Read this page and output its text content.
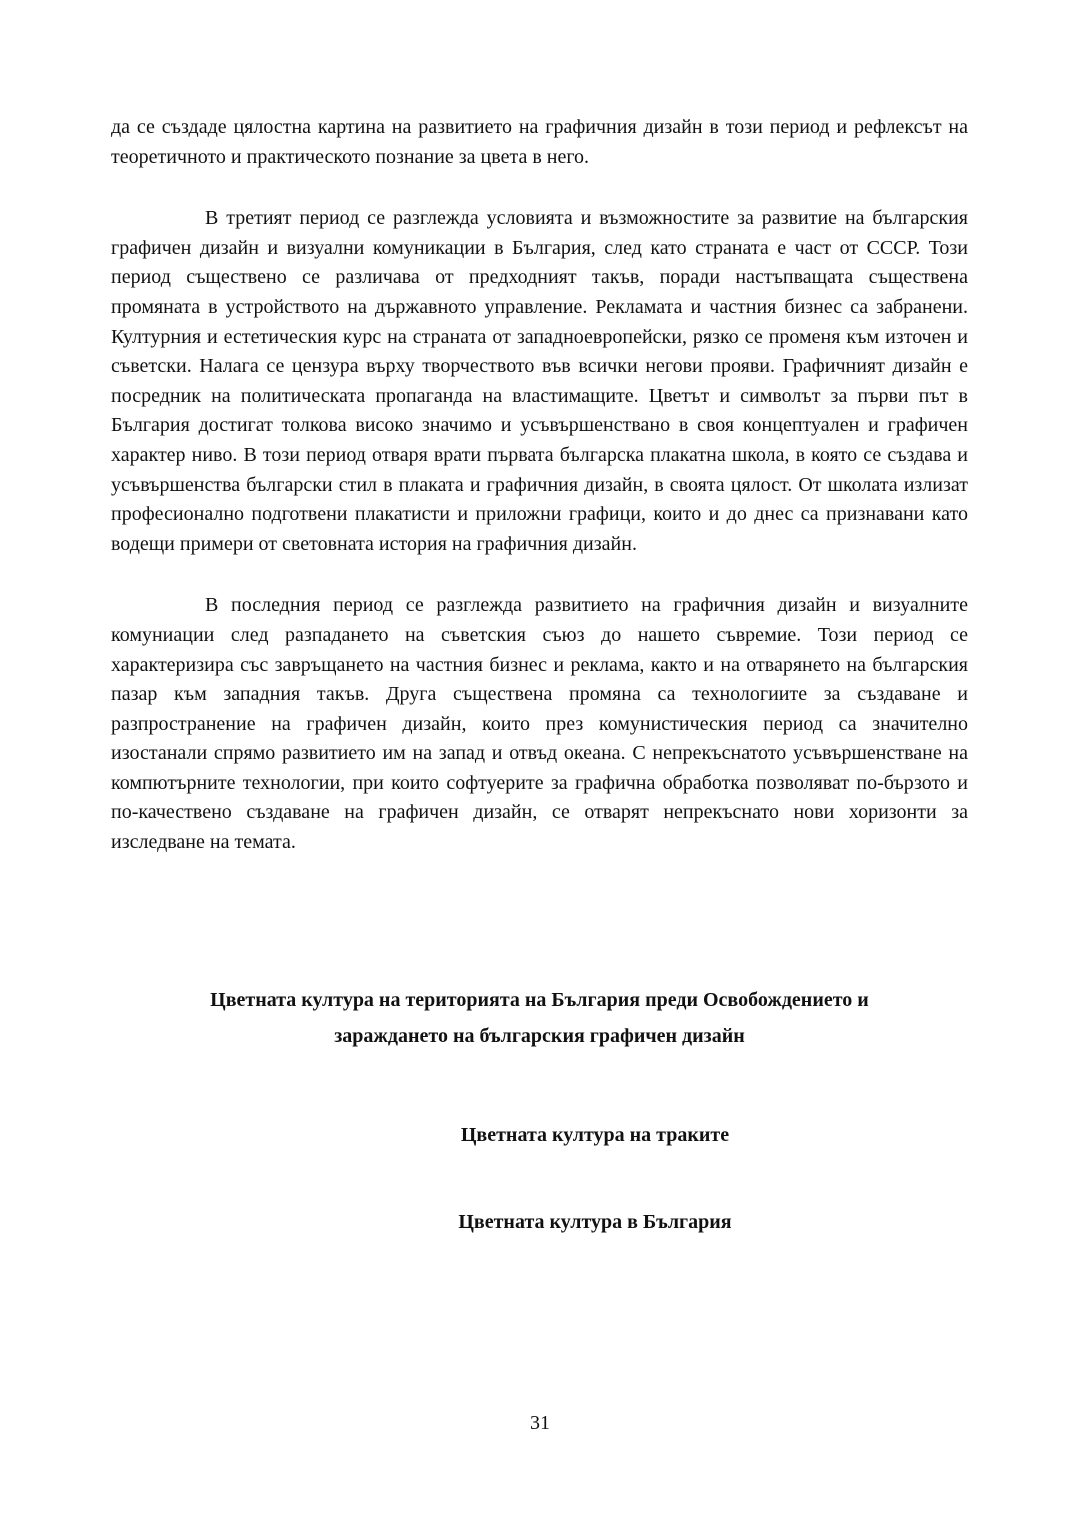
да се създаде цялостна картина на развитието на графичния дизайн в този период и рефлексът на теоретичното и практическото познание за цвета в него.

В третият период се разглежда условията и възможностите за развитие на българския графичен дизайн и визуални комуникации в България, след като страната е част от СССР. Този период съществено се различава от предходният такъв, поради настъпващата съществена промяната в устройството на държавното управление. Рекламата и частния бизнес са забранени. Културния и естетическия курс на страната от западноевропейски, рязко се променя към източен и съветски. Налага се цензура върху творчеството във всички негови прояви. Графичният дизайн е посредник на политическата пропаганда на властимащите. Цветът и символът за първи път в България достигат толкова високо значимо и усъвършенствано в своя концептуален и графичен характер ниво. В този период отваря врати първата българска плакатна школа, в която се създава и усъвършенства български стил в плаката и графичния дизайн, в своята цялост. От школата излизат професионално подготвени плакатисти и приложни графици, които и до днес са признавани като водещи примери от световната история на графичния дизайн.

В последния период се разглежда развитието на графичния дизайн и визуалните комуниации след разпадането на съветския съюз до нашето съвремие. Този период се характеризира със завръщането на частния бизнес и реклама, както и на отварянето на българския пазар към западния такъв. Друга съществена промяна са технологиите за създаване и разпространение на графичен дизайн, които през комунистическия период са значително изостанали спрямо развитието им на запад и отвъд океана. С непрекъснатото усъвършенстване на компютърните технологии, при които софтуерите за графична обработка позволяват по-бързото и по-качествено създаване на графичен дизайн, се отварят непрекъснато нови хоризонти за изследване на темата.

Цветната култура на територията на България преди Освобождението и
зараждането на българския графичен дизайн
Цветната култура на траките
Цветната култура в България

31
